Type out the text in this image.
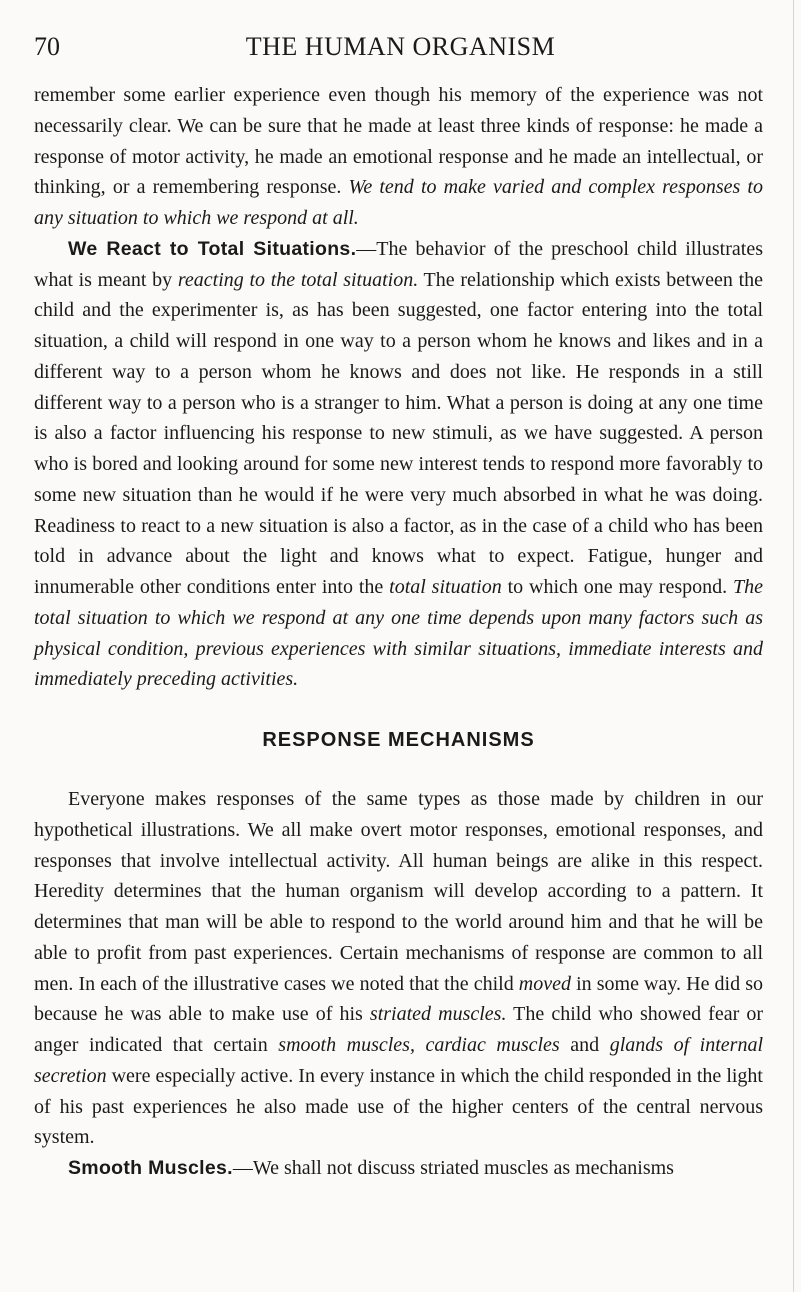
70	THE HUMAN ORGANISM

remember some earlier experience even though his memory of the experience was not necessarily clear. We can be sure that he made at least three kinds of response: he made a response of motor activity, he made an emotional response and he made an intellectual, or thinking, or a remembering response. We tend to make varied and complex responses to any situation to which we respond at all.

We React to Total Situations.—The behavior of the preschool child illustrates what is meant by reacting to the total situation. The relationship which exists between the child and the experimenter is, as has been suggested, one factor entering into the total situation, a child will respond in one way to a person whom he knows and likes and in a different way to a person whom he knows and does not like. He responds in a still different way to a person who is a stranger to him. What a person is doing at any one time is also a factor influencing his response to new stimuli, as we have suggested. A person who is bored and looking around for some new interest tends to respond more favorably to some new situation than he would if he were very much absorbed in what he was doing. Readiness to react to a new situation is also a factor, as in the case of a child who has been told in advance about the light and knows what to expect. Fatigue, hunger and innumerable other conditions enter into the total situation to which one may respond. The total situation to which we respond at any one time depends upon many factors such as physical condition, previous experiences with similar situations, immediate interests and immediately preceding activities.

RESPONSE MECHANISMS

Everyone makes responses of the same types as those made by children in our hypothetical illustrations. We all make overt motor responses, emotional responses, and responses that involve intellectual activity. All human beings are alike in this respect. Heredity determines that the human organism will develop according to a pattern. It determines that man will be able to respond to the world around him and that he will be able to profit from past experiences. Certain mechanisms of response are common to all men. In each of the illustrative cases we noted that the child moved in some way. He did so because he was able to make use of his striated muscles. The child who showed fear or anger indicated that certain smooth muscles, cardiac muscles and glands of internal secretion were especially active. In every instance in which the child responded in the light of his past experiences he also made use of the higher centers of the central nervous system.

Smooth Muscles.—We shall not discuss striated muscles as mechanisms
